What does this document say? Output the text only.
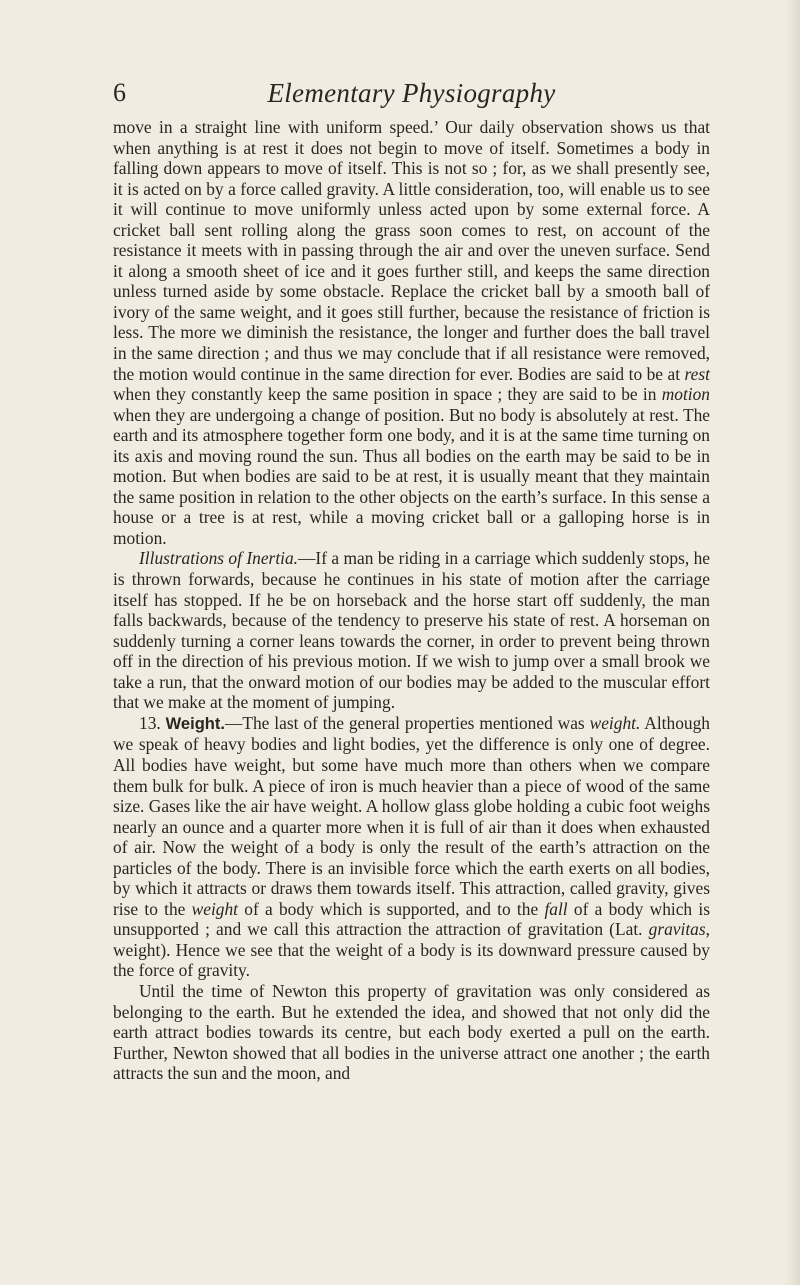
6	Elementary Physiography

move in a straight line with uniform speed.’ Our daily observation shows us that when anything is at rest it does not begin to move of itself. Sometimes a body in falling down appears to move of itself. This is not so ; for, as we shall presently see, it is acted on by a force called gravity. A little consideration, too, will enable us to see it will continue to move uniformly unless acted upon by some external force. A cricket ball sent rolling along the grass soon comes to rest, on account of the resistance it meets with in passing through the air and over the uneven surface. Send it along a smooth sheet of ice and it goes further still, and keeps the same direction unless turned aside by some obstacle. Replace the cricket ball by a smooth ball of ivory of the same weight, and it goes still further, because the resistance of friction is less. The more we diminish the resistance, the longer and further does the ball travel in the same direction ; and thus we may conclude that if all resistance were removed, the motion would continue in the same direction for ever. Bodies are said to be at rest when they constantly keep the same position in space ; they are said to be in motion when they are undergoing a change of position. But no body is absolutely at rest. The earth and its atmosphere together form one body, and it is at the same time turning on its axis and moving round the sun. Thus all bodies on the earth may be said to be in motion. But when bodies are said to be at rest, it is usually meant that they maintain the same position in relation to the other objects on the earth’s surface. In this sense a house or a tree is at rest, while a moving cricket ball or a galloping horse is in motion.

Illustrations of Inertia.—If a man be riding in a carriage which suddenly stops, he is thrown forwards, because he continues in his state of motion after the carriage itself has stopped. If he be on horseback and the horse start off suddenly, the man falls backwards, because of the tendency to preserve his state of rest. A horseman on suddenly turning a corner leans towards the corner, in order to prevent being thrown off in the direction of his previous motion. If we wish to jump over a small brook we take a run, that the onward motion of our bodies may be added to the muscular effort that we make at the moment of jumping.

13. Weight.—The last of the general properties mentioned was weight. Although we speak of heavy bodies and light bodies, yet the difference is only one of degree. All bodies have weight, but some have much more than others when we compare them bulk for bulk. A piece of iron is much heavier than a piece of wood of the same size. Gases like the air have weight. A hollow glass globe holding a cubic foot weighs nearly an ounce and a quarter more when it is full of air than it does when exhausted of air. Now the weight of a body is only the result of the earth’s attraction on the particles of the body. There is an invisible force which the earth exerts on all bodies, by which it attracts or draws them towards itself. This attraction, called gravity, gives rise to the weight of a body which is supported, and to the fall of a body which is unsupported ; and we call this attraction the attraction of gravitation (Lat. gravitas, weight). Hence we see that the weight of a body is its downward pressure caused by the force of gravity.

Until the time of Newton this property of gravitation was only considered as belonging to the earth. But he extended the idea, and showed that not only did the earth attract bodies towards its centre, but each body exerted a pull on the earth. Further, Newton showed that all bodies in the universe attract one another ; the earth attracts the sun and the moon, and
